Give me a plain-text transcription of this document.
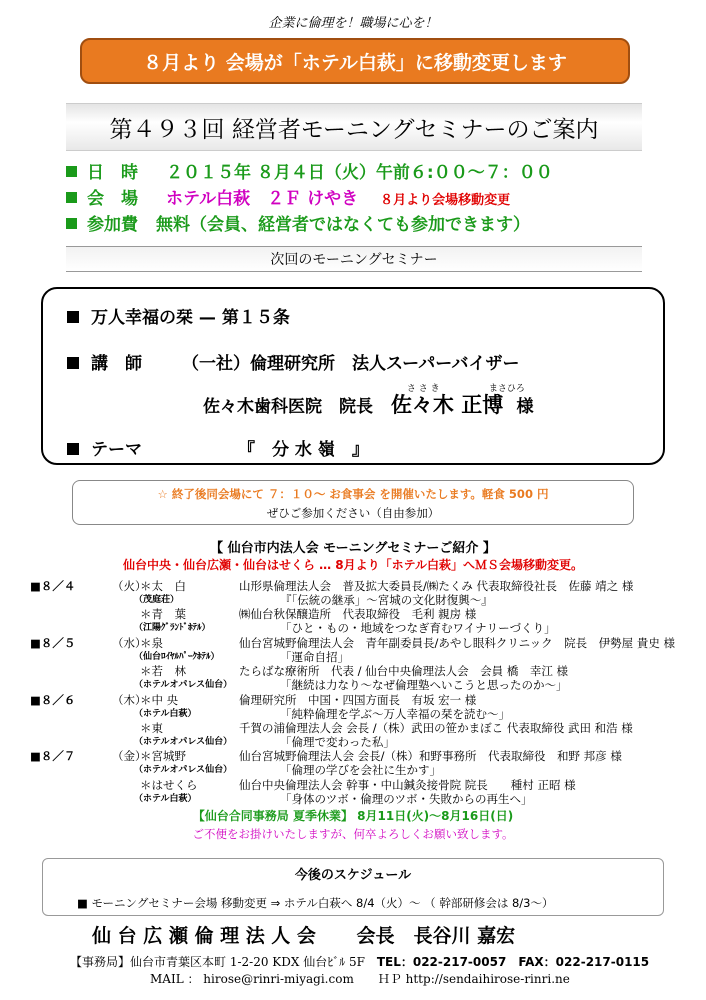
企業に倫理を！職場に心を！
８月より 会場が「ホテル白萩」に移動変更します
第４９３回 経営者モーニングセミナーのご案内
日　時 ２０１５年 ８月４日（火）午前６:００〜７：００
会　場 ホテル白萩　２Ｆ けやき ８月より会場移動変更
参加費 無料（会員、経営者ではなくても参加できます）
次回のモーニングセミナー
万人幸福の栞 — 第１５条
講　師 （一社）倫理研究所　法人スーパーバイザー
佐々木歯科医院　院長
さ さ き	まさひろ
佐々木 正博 様
テーマ	『　分 水 嶺　』
☆ 終了後同会場にて ７：１０〜 お食事会 を開催いたします。軽食 500 円
ぜひご参加ください（自由参加）
【 仙台市内法人会 モーニングセミナーご紹介 】
仙台中央・仙台広瀬・仙台はせくら … 8月より「ホテル白萩」へＭＳ会場移動変更。
■８／４	（火）
＊太　白	山形県倫理法人会　普及拡大委員長/㈱たくみ 代表取締役社長　佐藤 靖之 様
（茂庭荘）	『「伝統の継承」〜宮城の文化財復興〜』
＊青　葉	㈱仙台秋保醸造所　代表取締役　毛利 親房 様
（江陽ｸﾞﾗﾝﾄﾞﾎﾃﾙ）	「ひと・もの・地域をつなぎ育むワイナリーづくり」
■８／５	（水）
＊泉	仙台宮城野倫理法人会　青年副委員長/あやし眼科クリニック　院長　伊勢屋 貴史 様
（仙台ﾛｲﾔﾙﾊﾟｰｸﾎﾃﾙ）	「運命自招」
＊若　林	たらばな療術所　代表 / 仙台中央倫理法人会　会員 橋　幸江 様
（ホテルオパレス仙台）	「継続は力なり〜なぜ倫理塾へいこうと思ったのか〜」
■８／６	（木）
＊中 央	倫理研究所　中国・四国方面長　有坂 宏一 様
（ホテル白萩）	「純粋倫理を学ぶ〜万人幸福の栞を読む〜」
＊東	千賀の浦倫理法人会 会長 /（株）武田の笹かまぼこ 代表取締役 武田 和浩 様
（ホテルオパレス仙台）	「倫理で変わった私」
■８／７	（金）
＊宮城野	仙台宮城野倫理法人会 会長/（株）和野事務所　代表取締役　和野 邦彦 様
（ホテルオパレス仙台）	「倫理の学びを会社に生かす」
＊はせくら	仙台中央倫理法人会 幹事・中山鍼灸接骨院 院長　　種村 正昭 様
（ホテル白萩）	「身体のツボ・倫理のツボ・失敗からの再生へ」
【仙台合同事務局 夏季休業】 8月11日(火)〜8月16日(日)
ご不便をお掛けいたしますが、何卒よろしくお願い致します。
今後のスケジュール
■ モーニングセミナー会場 移動変更 ⇒ ホテル白萩へ 8/4（火）〜 （ 幹部研修会は 8/3〜）
仙 台 広 瀬 倫 理 法 人 会 会長　長谷川 嘉宏
【事務局】仙台市青葉区本町 1-2-20 KDX 仙台ﾋﾞﾙ 5F TEL：022-217-0057　FAX：022-217-0115
MAIL ： hirose@rinri-miyagi.com　　ＨＰ http://sendaihirose-rinri.ne
